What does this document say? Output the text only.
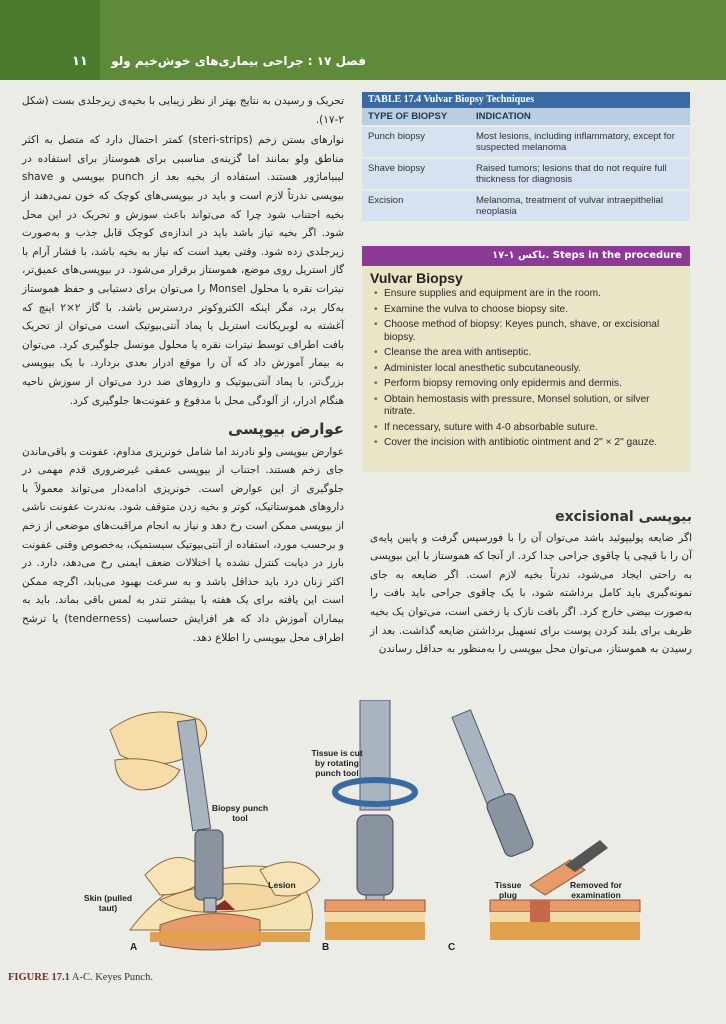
۱۱ فصل ۱۷ : جراحی بیماری‌های خوش‌خیم ولو

تحریک و رسیدن به نتایج بهتر از نظر زیبایی با بخیه‌ی زیرجلدی بست (شکل ۲-۱۷).

نوارهای بستن زخم (steri-strips) کمتر احتمال دارد که متصل به اکثر مناطق ولو بمانند اما گزینه‌ی مناسبی برای هموستاز برای استفاده در لیبیاماژور هستند. استفاده از بخیه بعد از punch بیوپسی و shave بیوپسی ندرتاً لازم است و باید در بیوپسی‌های کوچک که خون نمی‌دهند از بخیه اجتناب شود چرا که می‌تواند باعث سوزش و تحریک در این محل شود. اگر بخیه نیاز باشد باید در اندازه‌ی کوچک قابل جذب و به‌صورت زیرجلدی زده شود. وقتی بعید است که نیاز به بخیه باشد، با فشار آرام با گاز استریل روی موضع، هموستاز برقرار می‌شود. در بیوپسی‌های عمیق‌تر، نیترات نقره یا محلول Monsel را می‌توان برای دستیابی و حفظ هموستاز به‌کار برد، مگر اینکه الکتروکوتر دردسترس باشد. با گاز ۲×۲ اینچ که آغشته به لوبریکانت استریل یا پماد آنتی‌بیوتیک است می‌توان از تحریک بافت اطراف توسط نیترات نقره یا محلول مونسل جلوگیری کرد. می‌توان به بیمار آموزش داد که آن را موقع ادرار بعدی بردارد. با یک بیوپسی بزرگ‌تر، با پماد آنتی‌بیوتیک و داروهای ضد درد می‌توان از سوزش ناحیه هنگام ادرار، از آلودگی محل با مدفوع و عفونت‌ها جلوگیری کرد.

عوارض بیوپسی

عوارض بیوپسی ولو نادرند اما شامل خونریزی مداوم، عفونت و باقی‌ماندن جای زخم هستند. اجتناب از بیوپسی عمقی غیرضروری قدم مهمی در جلوگیری از این عوارض است. خونریزی ادامه‌دار می‌تواند معمولاً با داروهای هموستاتیک، کوتر و بخیه زدن متوقف شود. به‌ندرت عفونت ناشی از بیوپسی ممکن است رخ دهد و نیاز به انجام مراقبت‌های موضعی از زخم و برحسب مورد، استفاده از آنتی‌بیوتیک سیستمیک، به‌خصوص وقتی عفونت بارز در دیابت کنترل نشده یا اختلالات ضعف ایمنی رخ می‌دهد، دارد. در اکثر زنان درد باید حداقل باشد و به سرعت بهبود می‌یابد، اگرچه ممکن است این یافته برای یک هفته یا بیشتر تندر به لمس باقی بماند. باید به بیماران آموزش داد که هر افزایش حساسیت (tenderness) یا ترشح اطراف محل بیوپسی را اطلاع دهد.

TABLE 17.4 Vulvar Biopsy Techniques
TYPE OF BIOPSY	INDICATION
Punch biopsy	Most lesions, including inflammatory, except for suspected melanoma
Shave biopsy	Raised tumors; lesions that do not require full thickness for diagnosis
Excision	Melanoma, treatment of vulvar intraepithelial neoplasia
باکس ۱-۱۷. Steps in the procedure
Vulvar Biopsy
• Ensure supplies and equipment are in the room.
• Examine the vulva to choose biopsy site.
• Choose method of biopsy: Keyes punch, shave, or excisional biopsy.
• Cleanse the area with antiseptic.
• Administer local anesthetic subcutaneously.
• Perform biopsy removing only epidermis and dermis.
• Obtain hemostasis with pressure, Monsel solution, or silver nitrate.
• If necessary, suture with 4-0 absorbable suture.
• Cover the incision with antibiotic ointment and 2" × 2" gauze.
بیوپسی excisional

اگر ضایعه پولیپوئید باشد می‌توان آن را با فورسپس گرفت و پایین پایه‌ی آن را با قیچی یا چاقوی جراحی جدا کرد. از آنجا که هموستاز با این بیوپسی به راحتی ایجاد می‌شود، ندرتاً بخیه لازم است. اگر ضایعه به جای نمونه‌گیری باید کامل برداشته شود، با یک چاقوی جراحی باید بافت را به‌صورت بیضی خارج کرد. اگر بافت نازک یا زخمی است، می‌توان یک بخیه ظریف برای بلند کردن پوست برای تسهیل برداشتن ضایعه گذاشت. بعد از رسیدن به هموستاز، می‌توان محل بیوپسی را به‌منظور به حداقل رساندن

Biopsy punch tool
Lesion
Skin (pulled taut)
Tissue is cut by rotating punch tool
Tissue plug
Removed for examination
A	B	C
FIGURE 17.1 A-C. Keyes Punch.
